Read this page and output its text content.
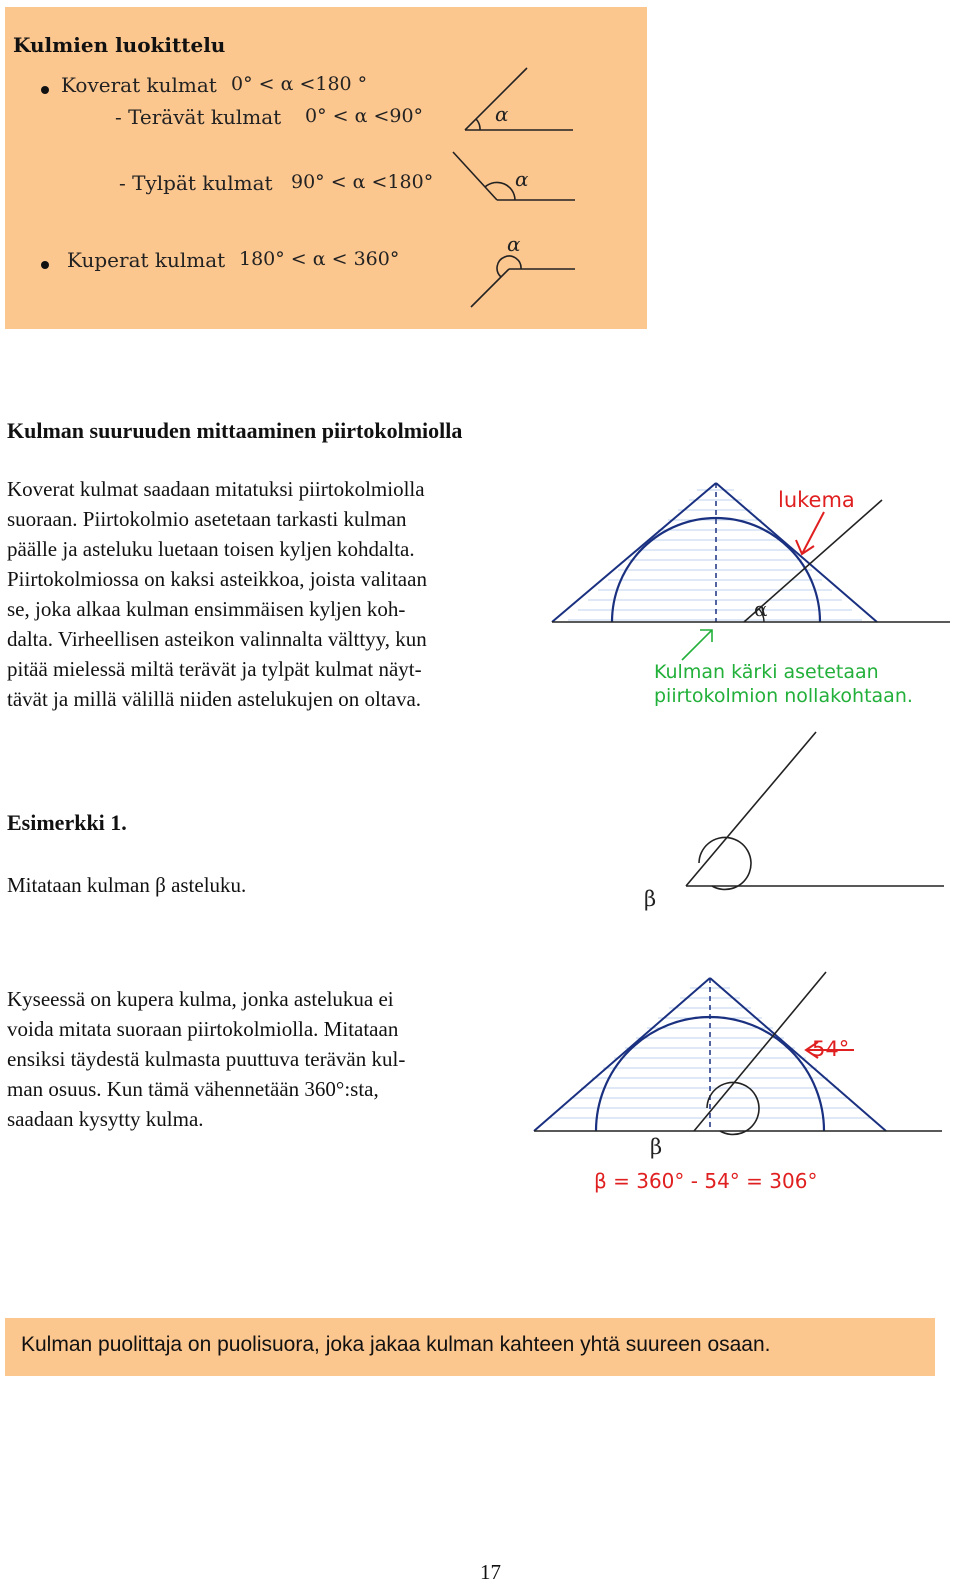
Kulmien luokittelu
Koverat kulmat 0° < α <180 °
- Terävät kulmat 0° < α <90°
- Tylpät kulmat 90° < α <180°
Kuperat kulmat 180° < α < 360°
α
α
α
Kulman suuruuden mittaaminen piirtokolmiolla
Koverat kulmat saadaan mitatuksi piirtokolmiolla
suoraan. Piirtokolmio asetetaan tarkasti kulman
päälle ja asteluku luetaan toisen kyljen kohdalta.
Piirtokolmiossa on kaksi asteikkoa, joista valitaan
se, joka alkaa kulman ensimmäisen kyljen koh-
dalta. Virheellisen asteikon valinnalta välttyy, kun
pitää mielessä miltä terävät ja tylpät kulmat näyt-
tävät ja millä välillä niiden astelukujen on oltava.
α
lukema
Kulman kärki asetetaan
piirtokolmion nollakohtaan.
Esimerkki 1.
Mitataan kulman β asteluku.
β
Kyseessä on kupera kulma, jonka astelukua ei
voida mitata suoraan piirtokolmiolla. Mitataan
ensiksi täydestä kulmasta puuttuva terävän kul-
man osuus. Kun tämä vähennetään 360°:sta,
saadaan kysytty kulma.
β
54°
β = 360° - 54° = 306°
Kulman puolittaja on puolisuora, joka jakaa kulman kahteen yhtä suureen osaan.
17
